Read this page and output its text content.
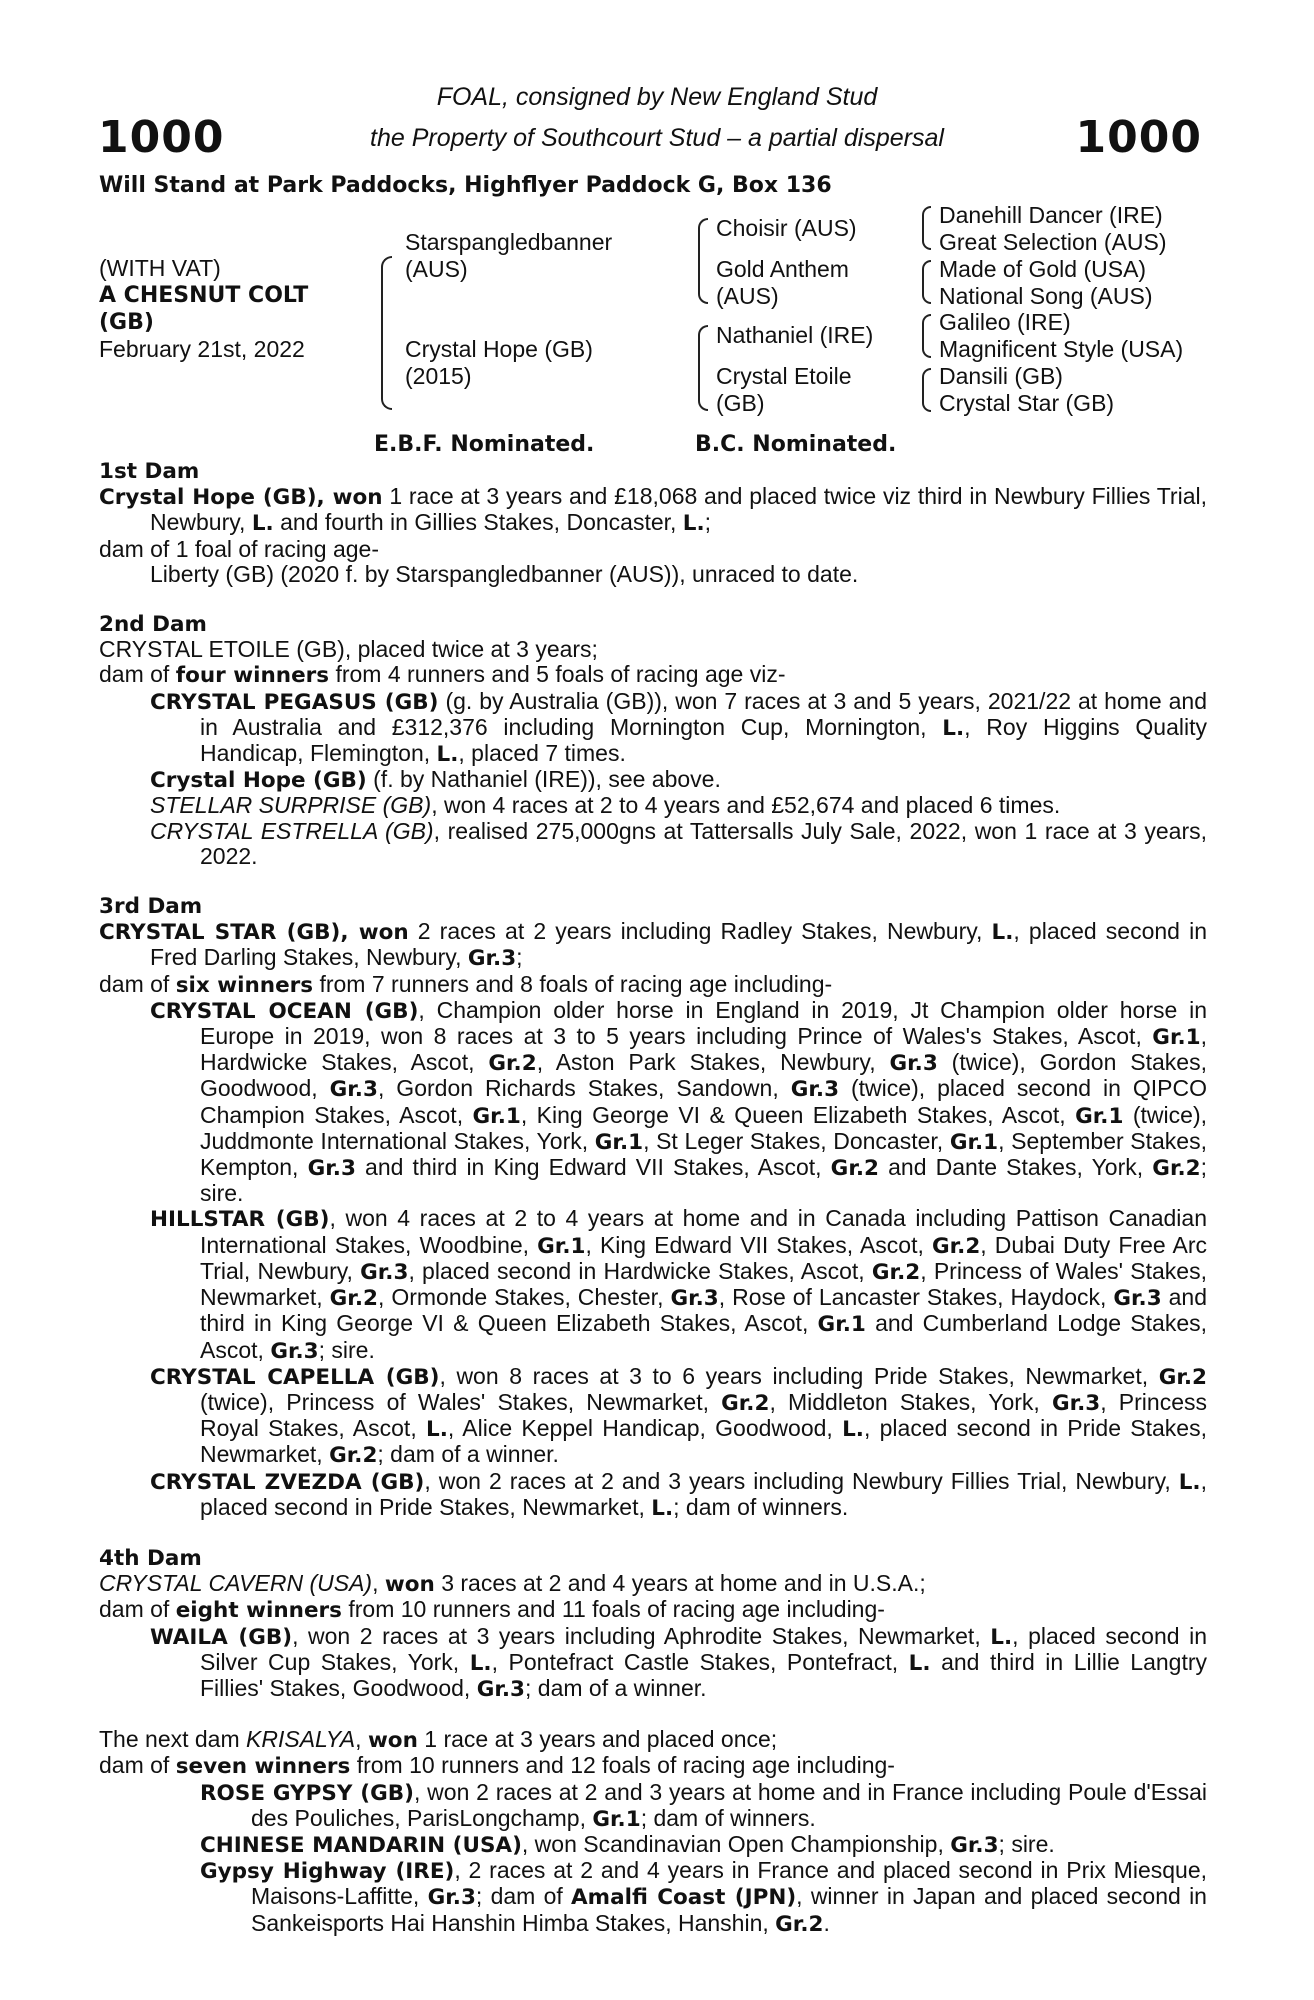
1000	1000
FOAL, consigned by New England Stud
the Property of Southcourt Stud – a partial dispersal
Will Stand at Park Paddocks, Highflyer Paddock G, Box 136
(WITH VAT)
A CHESNUT COLT
(GB)
February 21st, 2022
Starspangledbanner
(AUS)
Crystal Hope (GB)
(2015)
Choisir (AUS)
Gold Anthem
(AUS)
Nathaniel (IRE)
Crystal Etoile
(GB)
Danehill Dancer (IRE)
Great Selection (AUS)
Made of Gold (USA)
National Song (AUS)
Galileo (IRE)
Magnificent Style (USA)
Dansili (GB)
Crystal Star (GB)
E.B.F. Nominated.	B.C. Nominated.

1st Dam

Crystal Hope (GB), won 1 race at 3 years and £18,068 and placed twice viz third in Newbury Fillies Trial, Newbury, L. and fourth in Gillies Stakes, Doncaster, L.;

dam of 1 foal of racing age-

Liberty (GB) (2020 f. by Starspangledbanner (AUS)), unraced to date.

2nd Dam

CRYSTAL ETOILE (GB), placed twice at 3 years;

dam of four winners from 4 runners and 5 foals of racing age viz-

CRYSTAL PEGASUS (GB) (g. by Australia (GB)), won 7 races at 3 and 5 years, 2021/22 at home and in Australia and £312,376 including Mornington Cup, Mornington, L., Roy Higgins Quality Handicap, Flemington, L., placed 7 times.

Crystal Hope (GB) (f. by Nathaniel (IRE)), see above.

STELLAR SURPRISE (GB), won 4 races at 2 to 4 years and £52,674 and placed 6 times.

CRYSTAL ESTRELLA (GB), realised 275,000gns at Tattersalls July Sale, 2022, won 1 race at 3 years, 2022.

3rd Dam

CRYSTAL STAR (GB), won 2 races at 2 years including Radley Stakes, Newbury, L., placed second in Fred Darling Stakes, Newbury, Gr.3;

dam of six winners from 7 runners and 8 foals of racing age including-

CRYSTAL OCEAN (GB), Champion older horse in England in 2019, Jt Champion older horse in Europe in 2019, won 8 races at 3 to 5 years including Prince of Wales's Stakes, Ascot, Gr.1, Hardwicke Stakes, Ascot, Gr.2, Aston Park Stakes, Newbury, Gr.3 (twice), Gordon Stakes, Goodwood, Gr.3, Gordon Richards Stakes, Sandown, Gr.3 (twice), placed second in QIPCO Champion Stakes, Ascot, Gr.1, King George VI & Queen Elizabeth Stakes, Ascot, Gr.1 (twice), Juddmonte International Stakes, York, Gr.1, St Leger Stakes, Doncaster, Gr.1, September Stakes, Kempton, Gr.3 and third in King Edward VII Stakes, Ascot, Gr.2 and Dante Stakes, York, Gr.2; sire.

HILLSTAR (GB), won 4 races at 2 to 4 years at home and in Canada including Pattison Canadian International Stakes, Woodbine, Gr.1, King Edward VII Stakes, Ascot, Gr.2, Dubai Duty Free Arc Trial, Newbury, Gr.3, placed second in Hardwicke Stakes, Ascot, Gr.2, Princess of Wales' Stakes, Newmarket, Gr.2, Ormonde Stakes, Chester, Gr.3, Rose of Lancaster Stakes, Haydock, Gr.3 and third in King George VI & Queen Elizabeth Stakes, Ascot, Gr.1 and Cumberland Lodge Stakes, Ascot, Gr.3; sire.

CRYSTAL CAPELLA (GB), won 8 races at 3 to 6 years including Pride Stakes, Newmarket, Gr.2 (twice), Princess of Wales' Stakes, Newmarket, Gr.2, Middleton Stakes, York, Gr.3, Princess Royal Stakes, Ascot, L., Alice Keppel Handicap, Goodwood, L., placed second in Pride Stakes, Newmarket, Gr.2; dam of a winner.

CRYSTAL ZVEZDA (GB), won 2 races at 2 and 3 years including Newbury Fillies Trial, Newbury, L., placed second in Pride Stakes, Newmarket, L.; dam of winners.

4th Dam

CRYSTAL CAVERN (USA), won 3 races at 2 and 4 years at home and in U.S.A.;

dam of eight winners from 10 runners and 11 foals of racing age including-

WAILA (GB), won 2 races at 3 years including Aphrodite Stakes, Newmarket, L., placed second in Silver Cup Stakes, York, L., Pontefract Castle Stakes, Pontefract, L. and third in Lillie Langtry Fillies' Stakes, Goodwood, Gr.3; dam of a winner.

The next dam KRISALYA, won 1 race at 3 years and placed once;

dam of seven winners from 10 runners and 12 foals of racing age including-

ROSE GYPSY (GB), won 2 races at 2 and 3 years at home and in France including Poule d'Essai des Pouliches, ParisLongchamp, Gr.1; dam of winners.

CHINESE MANDARIN (USA), won Scandinavian Open Championship, Gr.3; sire.

Gypsy Highway (IRE), 2 races at 2 and 4 years in France and placed second in Prix Miesque, Maisons-Laffitte, Gr.3; dam of Amalfi Coast (JPN), winner in Japan and placed second in Sankeisports Hai Hanshin Himba Stakes, Hanshin, Gr.2.
